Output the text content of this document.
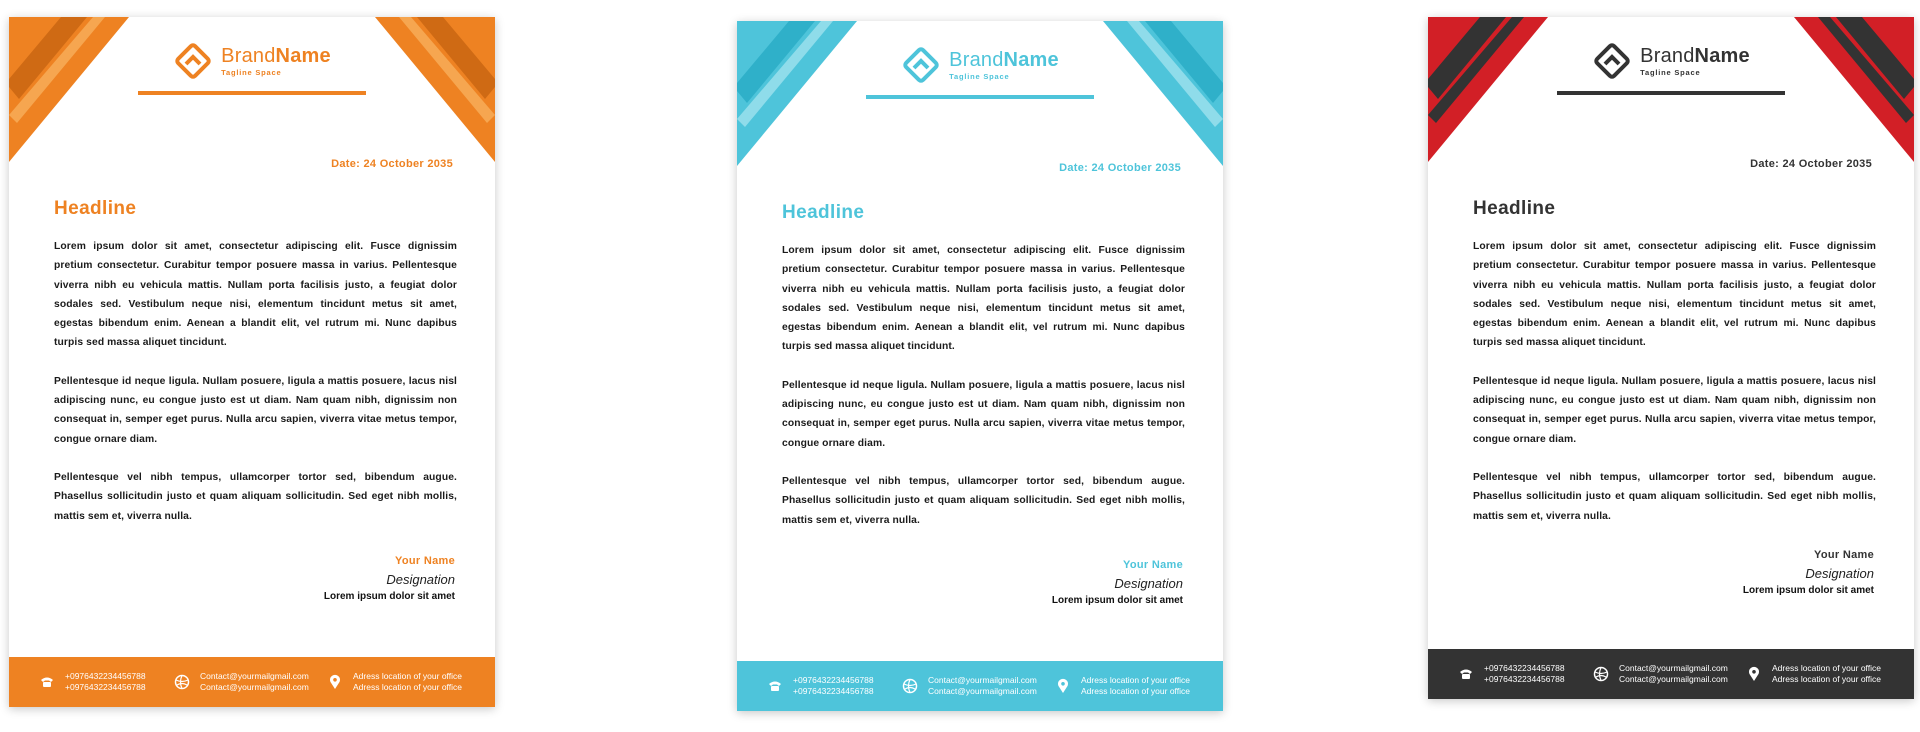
BrandName
Tagline Space
Date: 24 October 2035
Headline

Lorem ipsum dolor sit amet, consectetur adipiscing elit. Fusce dignissim pretium consectetur. Curabitur tempor posuere massa in varius. Pellentesque viverra nibh eu vehicula mattis. Nullam porta facilisis justo, a feugiat dolor sodales sed. Vestibulum neque nisi, elementum tincidunt metus sit amet, egestas bibendum enim. Aenean a blandit elit, vel rutrum mi. Nunc dapibus turpis sed massa aliquet tincidunt.

Pellentesque id neque ligula. Nullam posuere, ligula a mattis posuere, lacus nisl adipiscing nunc, eu congue justo est ut diam. Nam quam nibh, dignissim non consequat in, semper eget purus. Nulla arcu sapien, viverra vitae metus tempor, congue ornare diam.

Pellentesque vel nibh tempus, ullamcorper tortor sed, bibendum augue. Phasellus sollicitudin justo et quam aliquam sollicitudin. Sed eget nibh mollis, mattis sem et, viverra nulla.

Your Name
Designation
Lorem ipsum dolor sit amet
+0976432234456788
+0976432234456788
Contact@yourmailgmail.com
Contact@yourmailgmail.com
Adress location of your office
Adress location of your office
BrandName
Tagline Space
Date: 24 October 2035
Headline

Lorem ipsum dolor sit amet, consectetur adipiscing elit. Fusce dignissim pretium consectetur. Curabitur tempor posuere massa in varius. Pellentesque viverra nibh eu vehicula mattis. Nullam porta facilisis justo, a feugiat dolor sodales sed. Vestibulum neque nisi, elementum tincidunt metus sit amet, egestas bibendum enim. Aenean a blandit elit, vel rutrum mi. Nunc dapibus turpis sed massa aliquet tincidunt.

Pellentesque id neque ligula. Nullam posuere, ligula a mattis posuere, lacus nisl adipiscing nunc, eu congue justo est ut diam. Nam quam nibh, dignissim non consequat in, semper eget purus. Nulla arcu sapien, viverra vitae metus tempor, congue ornare diam.

Pellentesque vel nibh tempus, ullamcorper tortor sed, bibendum augue. Phasellus sollicitudin justo et quam aliquam sollicitudin. Sed eget nibh mollis, mattis sem et, viverra nulla.

Your Name
Designation
Lorem ipsum dolor sit amet
+0976432234456788
+0976432234456788
Contact@yourmailgmail.com
Contact@yourmailgmail.com
Adress location of your office
Adress location of your office
BrandName
Tagline Space
Date: 24 October 2035
Headline

Lorem ipsum dolor sit amet, consectetur adipiscing elit. Fusce dignissim pretium consectetur. Curabitur tempor posuere massa in varius. Pellentesque viverra nibh eu vehicula mattis. Nullam porta facilisis justo, a feugiat dolor sodales sed. Vestibulum neque nisi, elementum tincidunt metus sit amet, egestas bibendum enim. Aenean a blandit elit, vel rutrum mi. Nunc dapibus turpis sed massa aliquet tincidunt.

Pellentesque id neque ligula. Nullam posuere, ligula a mattis posuere, lacus nisl adipiscing nunc, eu congue justo est ut diam. Nam quam nibh, dignissim non consequat in, semper eget purus. Nulla arcu sapien, viverra vitae metus tempor, congue ornare diam.

Pellentesque vel nibh tempus, ullamcorper tortor sed, bibendum augue. Phasellus sollicitudin justo et quam aliquam sollicitudin. Sed eget nibh mollis, mattis sem et, viverra nulla.

Your Name
Designation
Lorem ipsum dolor sit amet
+0976432234456788
+0976432234456788
Contact@yourmailgmail.com
Contact@yourmailgmail.com
Adress location of your office
Adress location of your office
